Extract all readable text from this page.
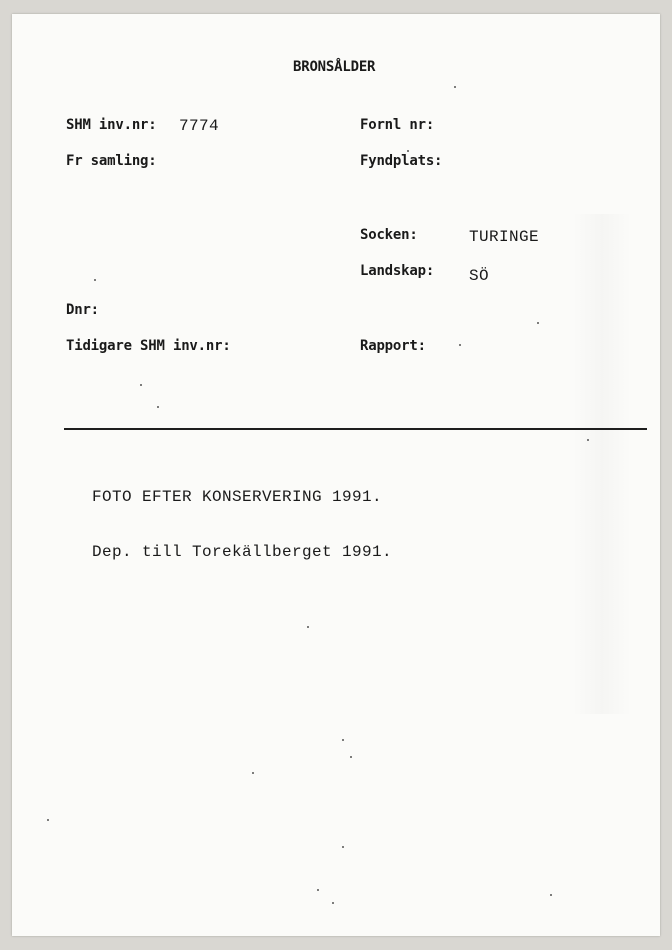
BRONSÅLDER
SHM inv.nr: 7774
Fr samling:
Dnr:
Tidigare SHM inv.nr:
Fornl nr:
Fyndplats:
Socken:	TURINGE
Landskap: SÖ
Rapport:
FOTO EFTER KONSERVERING 1991.
Dep. till Torekällberget 1991.
